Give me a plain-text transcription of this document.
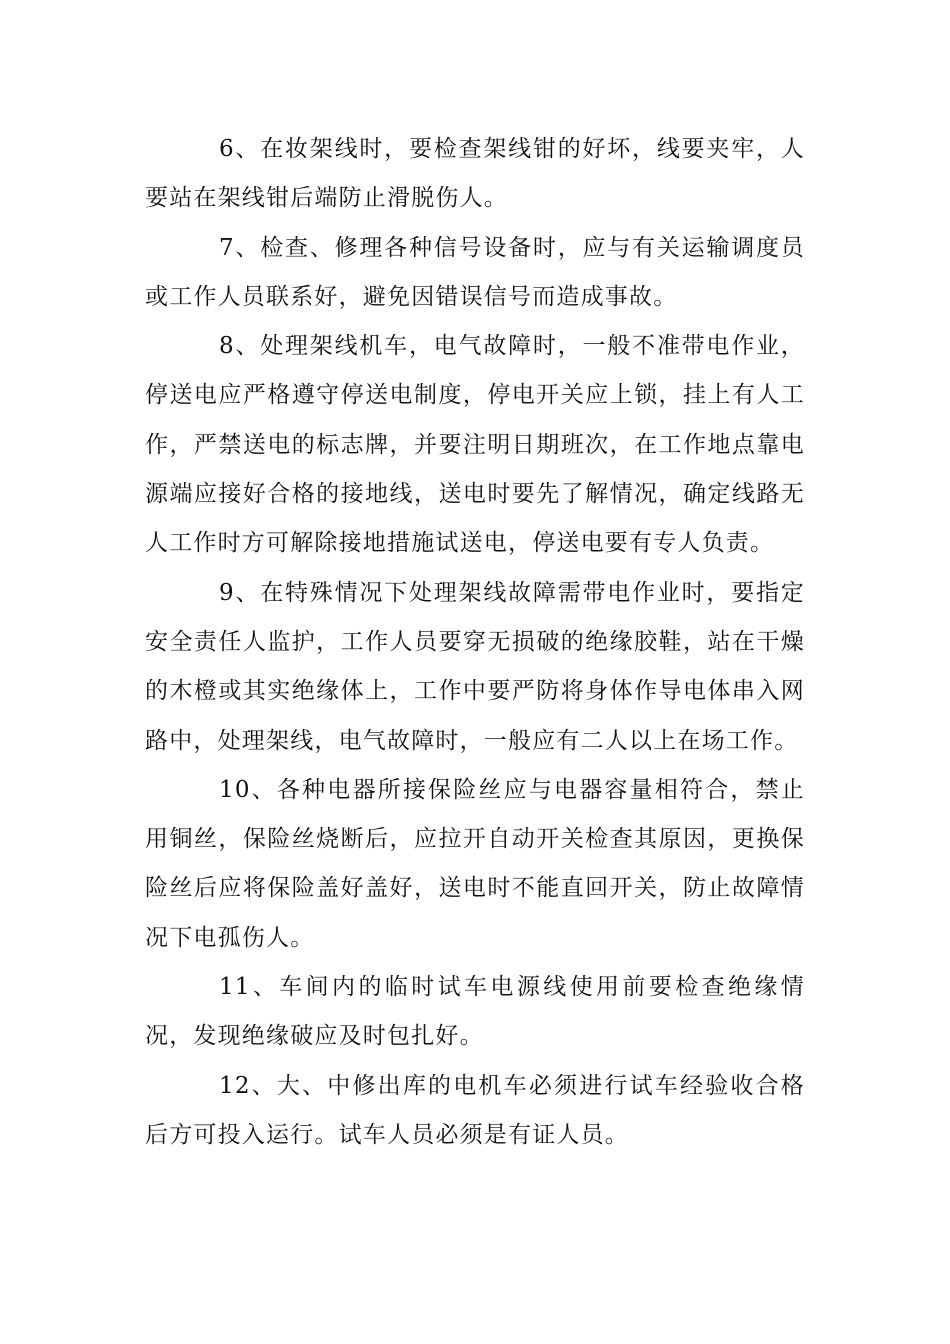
6、在妆架线时，要检查架线钳的好坏，线要夹牢，人要站在架线钳后端防止滑脱伤人。

7、检查、修理各种信号设备时，应与有关运输调度员或工作人员联系好，避免因错误信号而造成事故。

8、处理架线机车，电气故障时，一般不准带电作业，停送电应严格遵守停送电制度，停电开关应上锁，挂上有人工作，严禁送电的标志牌，并要注明日期班次，在工作地点靠电源端应接好合格的接地线，送电时要先了解情况，确定线路无人工作时方可解除接地措施试送电，停送电要有专人负责。

9、在特殊情况下处理架线故障需带电作业时，要指定安全责任人监护，工作人员要穿无损破的绝缘胶鞋，站在干燥的木橙或其实绝缘体上，工作中要严防将身体作导电体串入网路中，处理架线，电气故障时，一般应有二人以上在场工作。

10、各种电器所接保险丝应与电器容量相符合，禁止用铜丝，保险丝烧断后，应拉开自动开关检查其原因，更换保险丝后应将保险盖好盖好，送电时不能直回开关，防止故障情况下电孤伤人。

11、车间内的临时试车电源线使用前要检查绝缘情况，发现绝缘破应及时包扎好。

12、大、中修出库的电机车必须进行试车经验收合格后方可投入运行。试车人员必须是有证人员。
